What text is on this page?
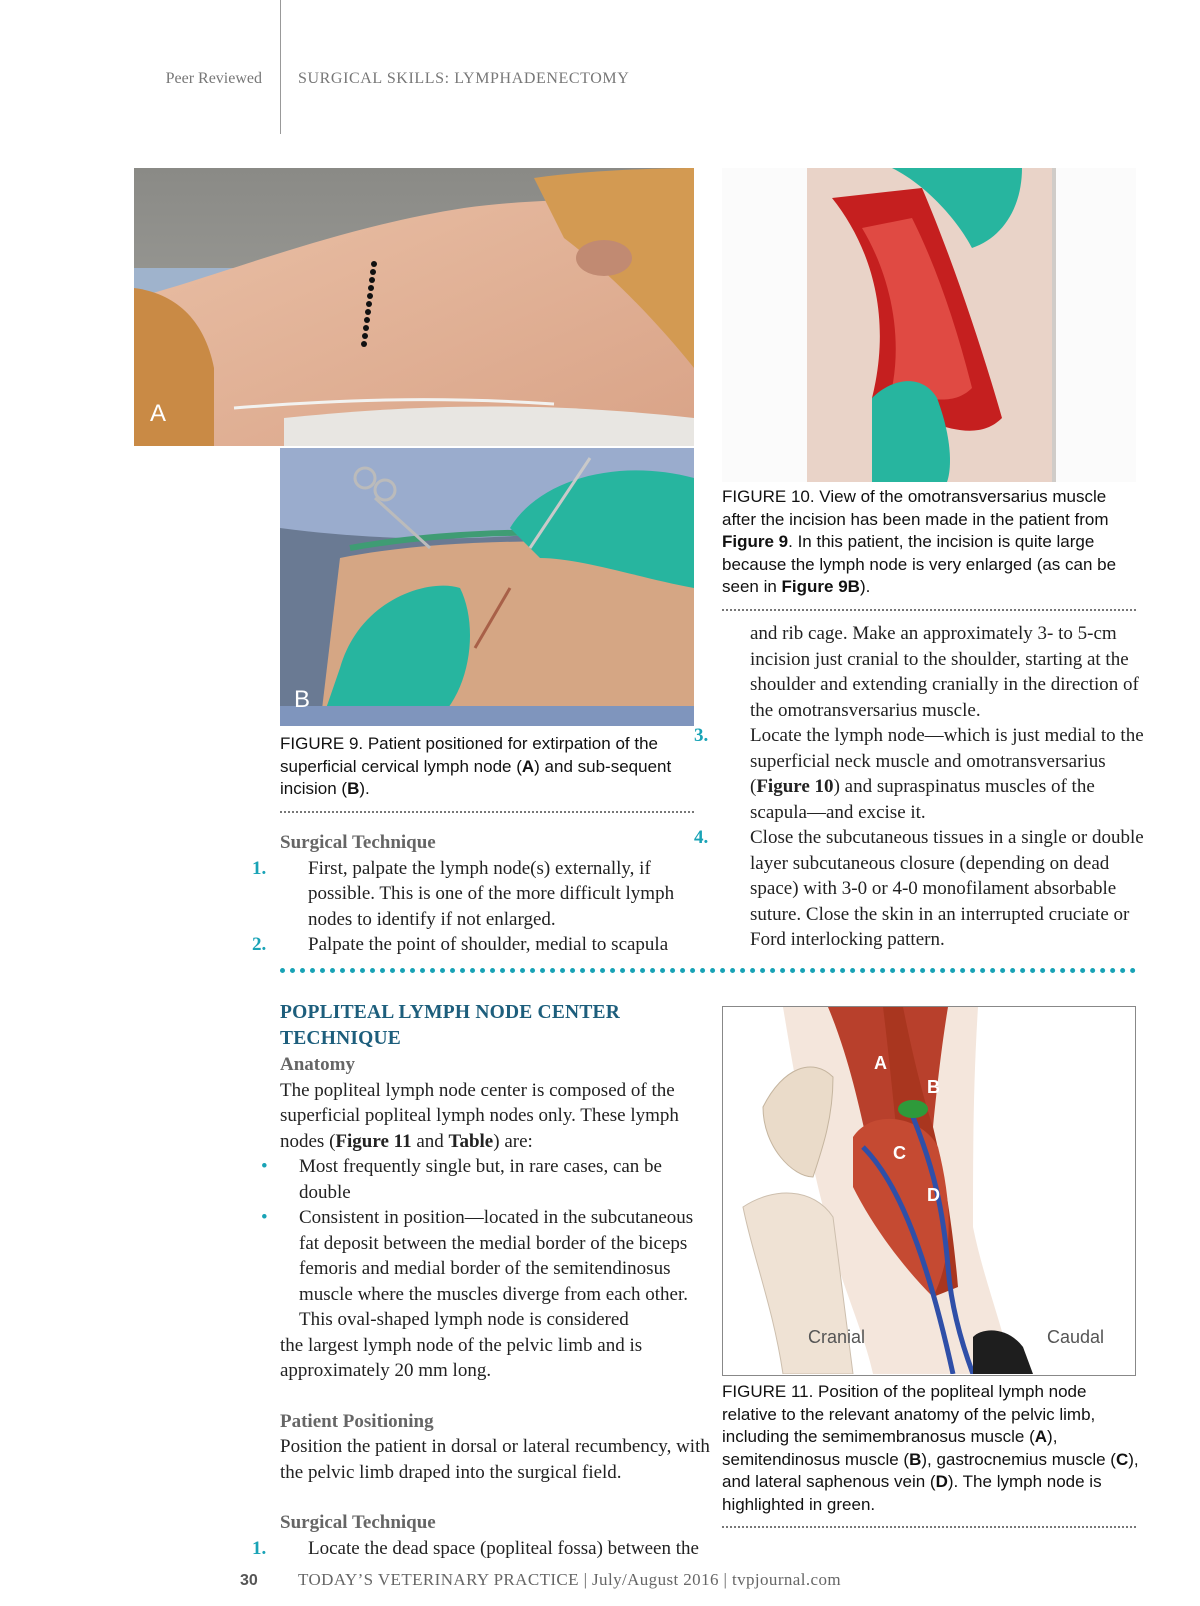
Peer Reviewed SURGICAL SKILLS: LYMPHADENECTOMY
A
B
FIGURE 10. View of the omotransversarius muscle after the incision has been made in the patient from Figure 9. In this patient, the incision is quite large because the lymph node is very enlarged (as can be seen in Figure 9B).
FIGURE 9. Patient positioned for extirpation of the superficial cervical lymph node (A) and sub-sequent incision (B).
Surgical Technique
1. First, palpate the lymph node(s) externally, if possible. This is one of the more difficult lymph nodes to identify if not enlarged.
2. Palpate the point of shoulder, medial to scapula
and rib cage. Make an approximately 3- to 5-cm incision just cranial to the shoulder, starting at the shoulder and extending cranially in the direction of the omotransversarius muscle.
3. Locate the lymph node—which is just medial to the superficial neck muscle and omotransversarius (Figure 10) and supraspinatus muscles of the scapula—and excise it.
4. Close the subcutaneous tissues in a single or double layer subcutaneous closure (depending on dead space) with 3-0 or 4-0 monofilament absorbable suture. Close the skin in an interrupted cruciate or Ford interlocking pattern.
POPLITEAL LYMPH NODE CENTER
TECHNIQUE
Anatomy
The popliteal lymph node center is composed of the superficial popliteal lymph nodes only. These lymph nodes (Figure 11 and Table) are:
• Most frequently single but, in rare cases, can be double
• Consistent in position—located in the subcutaneous fat deposit between the medial border of the biceps femoris and medial border of the semitendinosus muscle where the muscles diverge from each other. This oval-shaped lymph node is considered
the largest lymph node of the pelvic limb and is approximately 20 mm long.
Patient Positioning
Position the patient in dorsal or lateral recumbency, with the pelvic limb draped into the surgical field.
Surgical Technique
1. Locate the dead space (popliteal fossa) between the
A
B
C
D
Cranial	Caudal
FIGURE 11. Position of the popliteal lymph node relative to the relevant anatomy of the pelvic limb, including the semimembranosus muscle (A), semitendinosus muscle (B), gastrocnemius muscle (C), and lateral saphenous vein (D). The lymph node is highlighted in green.
30 TODAY’S VETERINARY PRACTICE | July/August 2016 | tvpjournal.com
